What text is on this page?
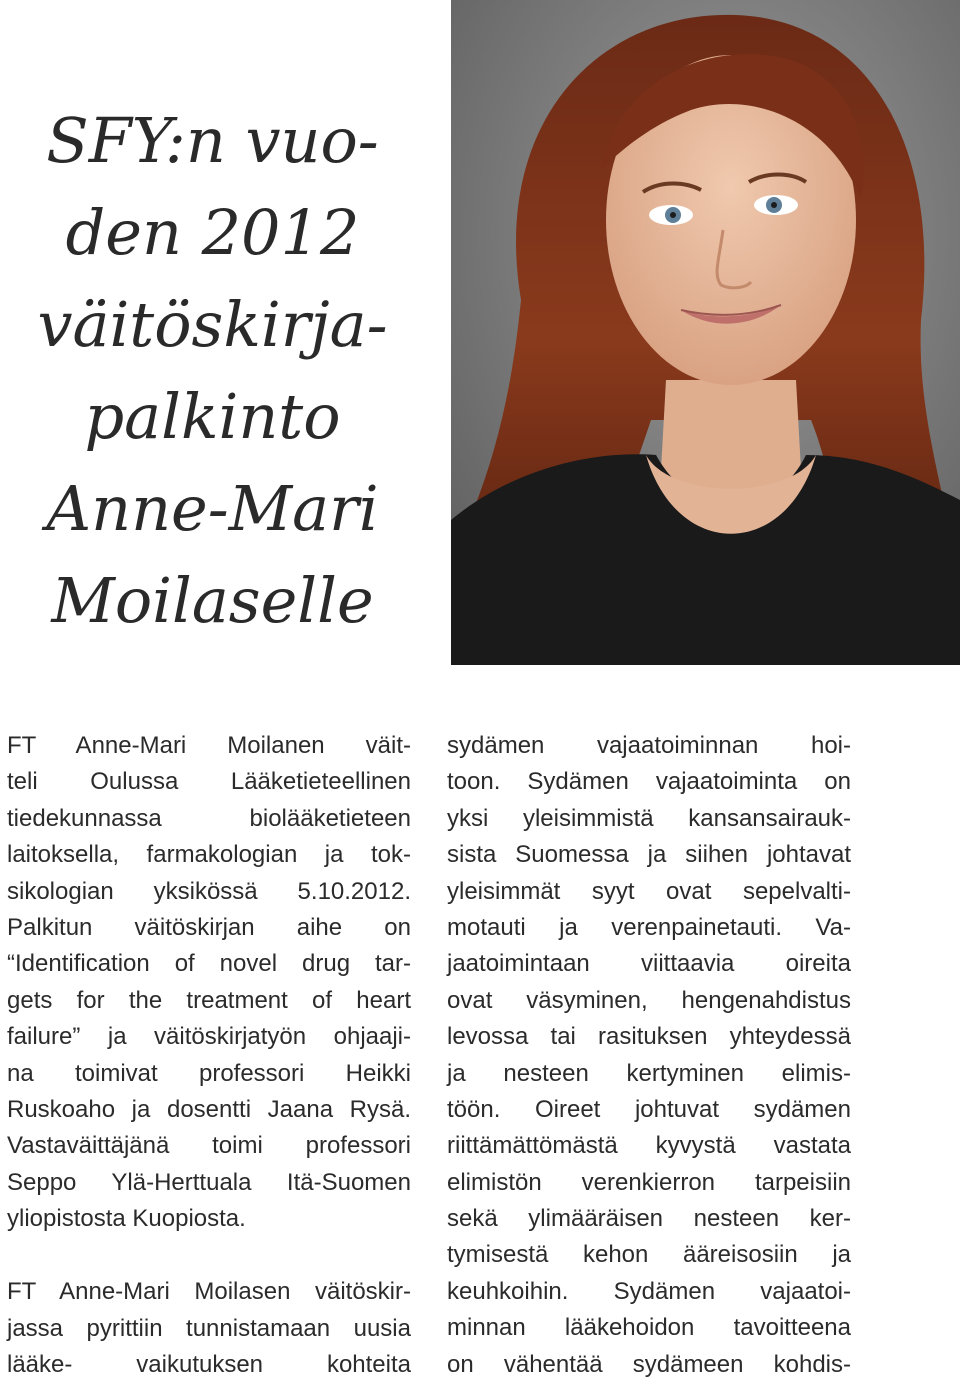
SFY:n vuo-
den 2012
väitöskirja-
palkinto
Anne-Mari
Moilaselle
FT Anne-Mari Moilanen väit-
teli Oulussa Lääketieteellinen
tiedekunnassa biolääketieteen
laitoksella, farmakologian ja tok-
sikologian yksikössä 5.10.2012.
Palkitun väitöskirjan aihe on
“Identification of novel drug tar-
gets for the treatment of heart
failure” ja väitöskirjatyön ohjaaji-
na toimivat professori Heikki
Ruskoaho ja dosentti Jaana Rysä.
Vastaväittäjänä toimi professori
Seppo Ylä-Herttuala Itä-Suomen
yliopistosta Kuopiosta.
FT Anne-Mari Moilasen väitöskir-
jassa pyrittiin tunnistamaan uusia
lääke- vaikutuksen kohteita
sydämen vajaatoiminnan hoi-
toon. Sydämen vajaatoiminta on
yksi yleisimmistä kansansairauk-
sista Suomessa ja siihen johtavat
yleisimmät syyt ovat sepelvalti-
motauti ja verenpainetauti. Va-
jaatoimintaan viittaavia oireita
ovat väsyminen, hengenahdistus
levossa tai rasituksen yhteydessä
ja nesteen kertyminen elimis-
töön. Oireet johtuvat sydämen
riittämättömästä kyvystä vastata
elimistön verenkierron tarpeisiin
sekä ylimääräisen nesteen ker-
tymisestä kehon ääreisosiin ja
keuhkoihin. Sydämen vajaatoi-
minnan lääkehoidon tavoitteena
on vähentää sydämeen kohdis-
